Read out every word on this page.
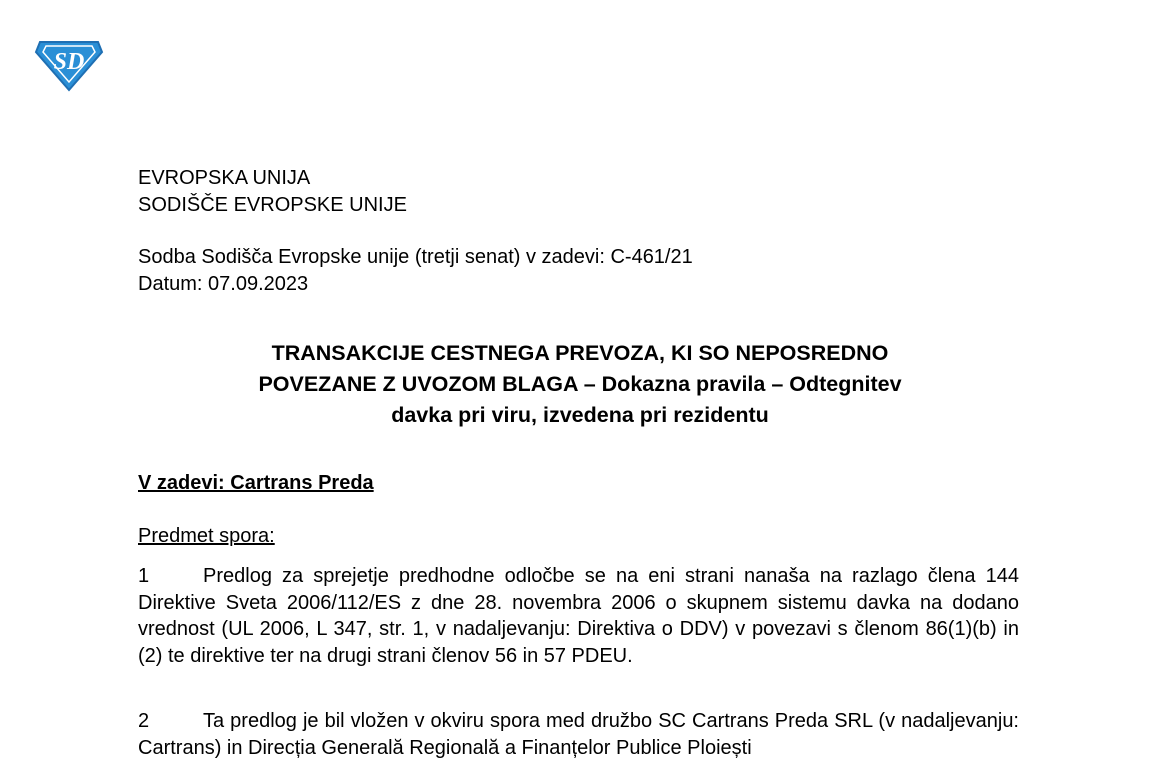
SD
EVROPSKA UNIJA
SODIŠČE EVROPSKE UNIJE
Sodba Sodišča Evropske unije (tretji senat) v zadevi: C-461/21
Datum: 07.09.2023
TRANSAKCIJE CESTNEGA PREVOZA, KI SO NEPOSREDNO
POVEZANE Z UVOZOM BLAGA – Dokazna pravila – Odtegnitev
davka pri viru, izvedena pri rezidentu
V zadevi: Cartrans Preda
Predmet spora:
1	Predlog za sprejetje predhodne odločbe se na eni strani nanaša na razlago člena 144 Direktive Sveta 2006/112/ES z dne 28. novembra 2006 o skupnem sistemu davka na dodano vrednost (UL 2006, L 347, str. 1, v nadaljevanju: Direktiva o DDV) v povezavi s členom 86(1)(b) in (2) te direktive ter na drugi strani členov 56 in 57 PDEU.
2	Ta predlog je bil vložen v okviru spora med družbo SC Cartrans Preda SRL (v nadaljevanju: Cartrans) in Direcția Generală Regională a Finanțelor Publice Ploiești
